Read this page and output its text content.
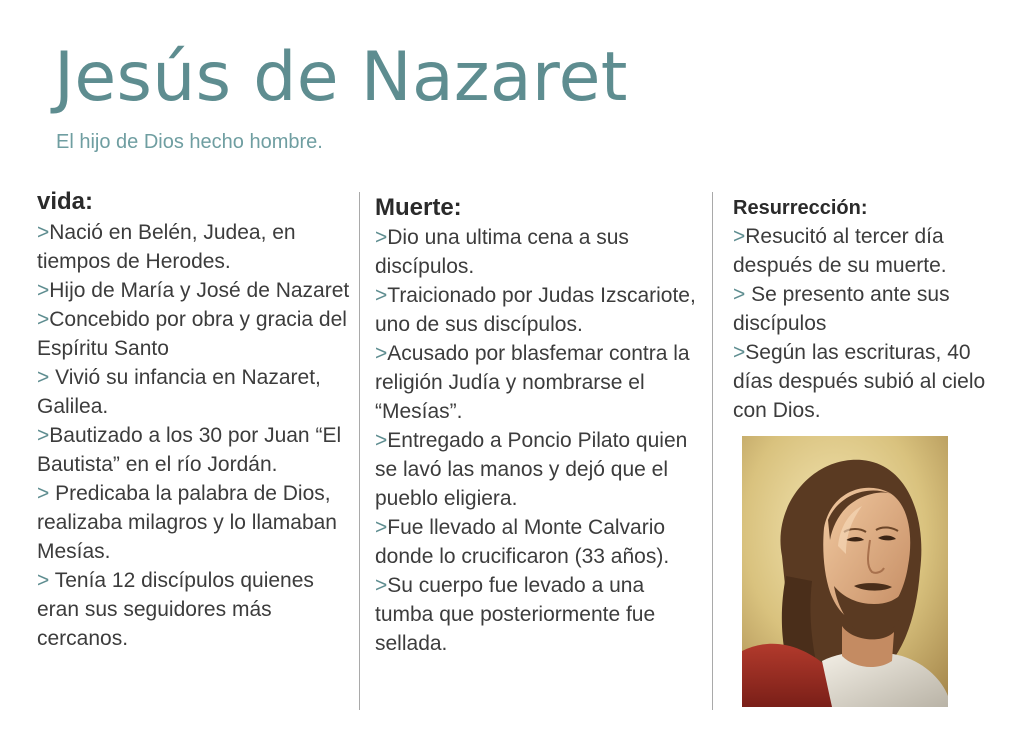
Jesús de Nazaret
El hijo de Dios hecho hombre.
vida:
>Nació en Belén, Judea, en tiempos de Herodes.
>Hijo de María y José de Nazaret
>Concebido por obra y gracia del Espíritu Santo
> Vivió su infancia en Nazaret, Galilea.
>Bautizado a los 30 por Juan “El Bautista” en el río Jordán.
> Predicaba la palabra de Dios, realizaba milagros y lo llamaban Mesías.
> Tenía 12 discípulos quienes eran sus seguidores más cercanos.
Muerte:
>Dio una ultima cena a sus discípulos.
>Traicionado por Judas Izscariote, uno de sus discípulos.
>Acusado por blasfemar contra la religión Judía y nombrarse el “Mesías”.
>Entregado a Poncio Pilato quien se lavó las manos y dejó que el pueblo eligiera.
>Fue llevado al Monte Calvario donde lo crucificaron (33 años).
>Su cuerpo fue levado a una tumba que posteriormente fue sellada.
Resurrección:
>Resucitó al tercer día después de su muerte.
> Se presento ante sus discípulos
>Según las escrituras, 40 días después subió al cielo con Dios.
